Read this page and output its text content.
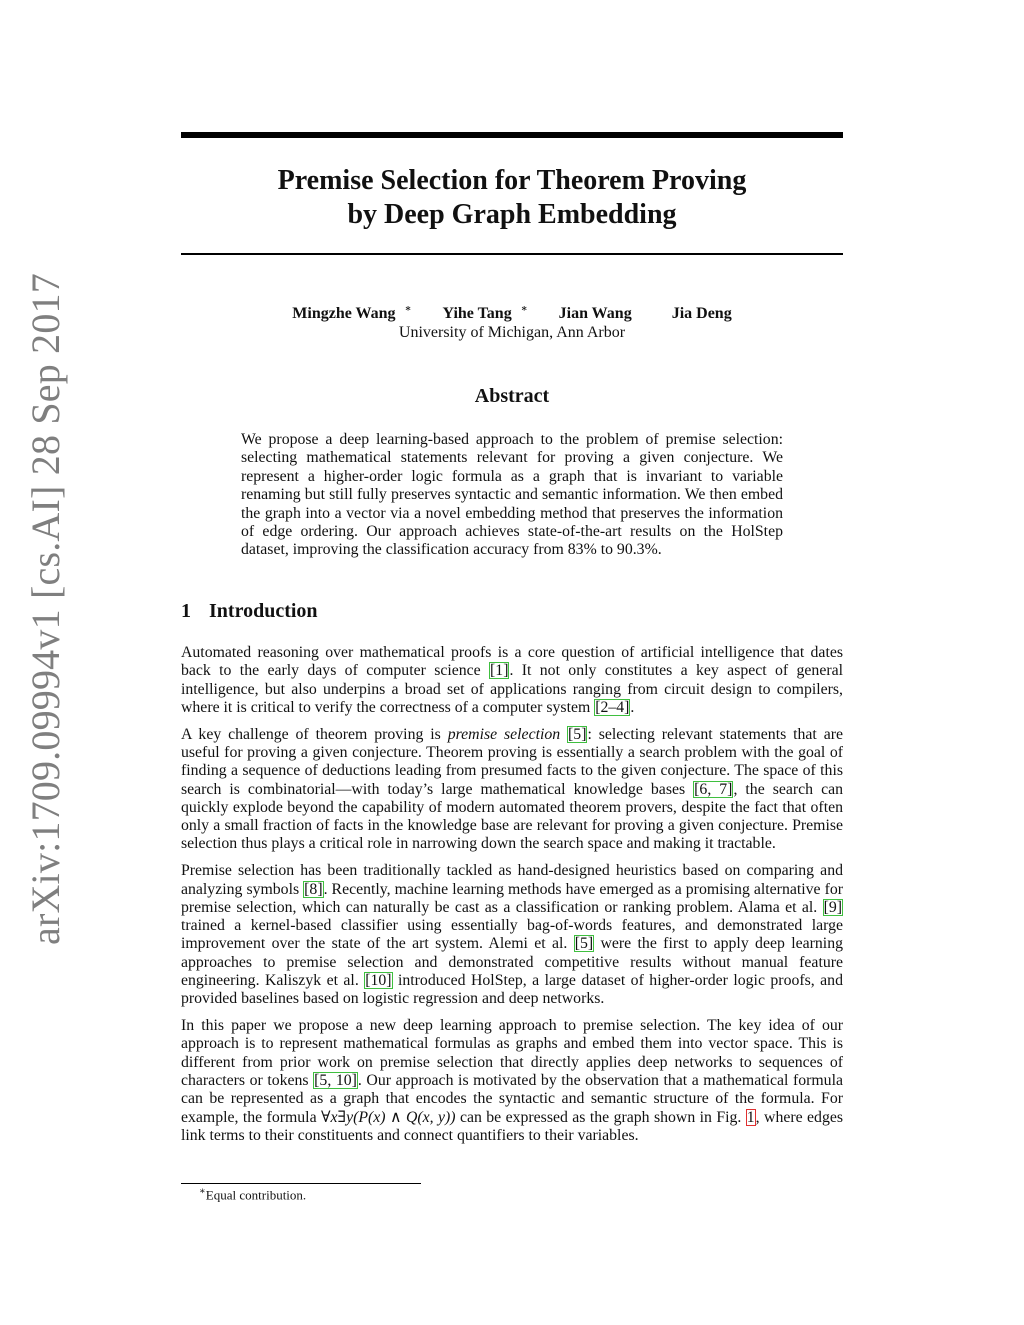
arXiv:1709.09994v1 [cs.AI] 28 Sep 2017
Premise Selection for Theorem Proving
by Deep Graph Embedding
Mingzhe Wang ∗ Yihe Tang ∗ Jian Wang	Jia Deng
University of Michigan, Ann Arbor
Abstract
We propose a deep learning-based approach to the problem of premise selection: selecting mathematical statements relevant for proving a given conjecture. We represent a higher-order logic formula as a graph that is invariant to variable renaming but still fully preserves syntactic and semantic information. We then embed the graph into a vector via a novel embedding method that preserves the information of edge ordering. Our approach achieves state-of-the-art results on the HolStep dataset, improving the classification accuracy from 83% to 90.3%.
1 Introduction

Automated reasoning over mathematical proofs is a core question of artificial intelligence that dates back to the early days of computer science [1]. It not only constitutes a key aspect of general intelligence, but also underpins a broad set of applications ranging from circuit design to compilers, where it is critical to verify the correctness of a computer system [2–4].

A key challenge of theorem proving is premise selection [5]: selecting relevant statements that are useful for proving a given conjecture. Theorem proving is essentially a search problem with the goal of finding a sequence of deductions leading from presumed facts to the given conjecture. The space of this search is combinatorial—with today’s large mathematical knowledge bases [6, 7], the search can quickly explode beyond the capability of modern automated theorem provers, despite the fact that often only a small fraction of facts in the knowledge base are relevant for proving a given conjecture. Premise selection thus plays a critical role in narrowing down the search space and making it tractable.

Premise selection has been traditionally tackled as hand-designed heuristics based on comparing and analyzing symbols [8]. Recently, machine learning methods have emerged as a promising alternative for premise selection, which can naturally be cast as a classification or ranking problem. Alama et al. [9] trained a kernel-based classifier using essentially bag-of-words features, and demonstrated large improvement over the state of the art system. Alemi et al. [5] were the first to apply deep learning approaches to premise selection and demonstrated competitive results without manual feature engineering. Kaliszyk et al. [10] introduced HolStep, a large dataset of higher-order logic proofs, and provided baselines based on logistic regression and deep networks.

In this paper we propose a new deep learning approach to premise selection. The key idea of our approach is to represent mathematical formulas as graphs and embed them into vector space. This is different from prior work on premise selection that directly applies deep networks to sequences of characters or tokens [5, 10]. Our approach is motivated by the observation that a mathematical formula can be represented as a graph that encodes the syntactic and semantic structure of the formula. For example, the formula ∀x∃y(P(x) ∧ Q(x, y)) can be expressed as the graph shown in Fig. 1, where edges link terms to their constituents and connect quantifiers to their variables.

∗Equal contribution.
